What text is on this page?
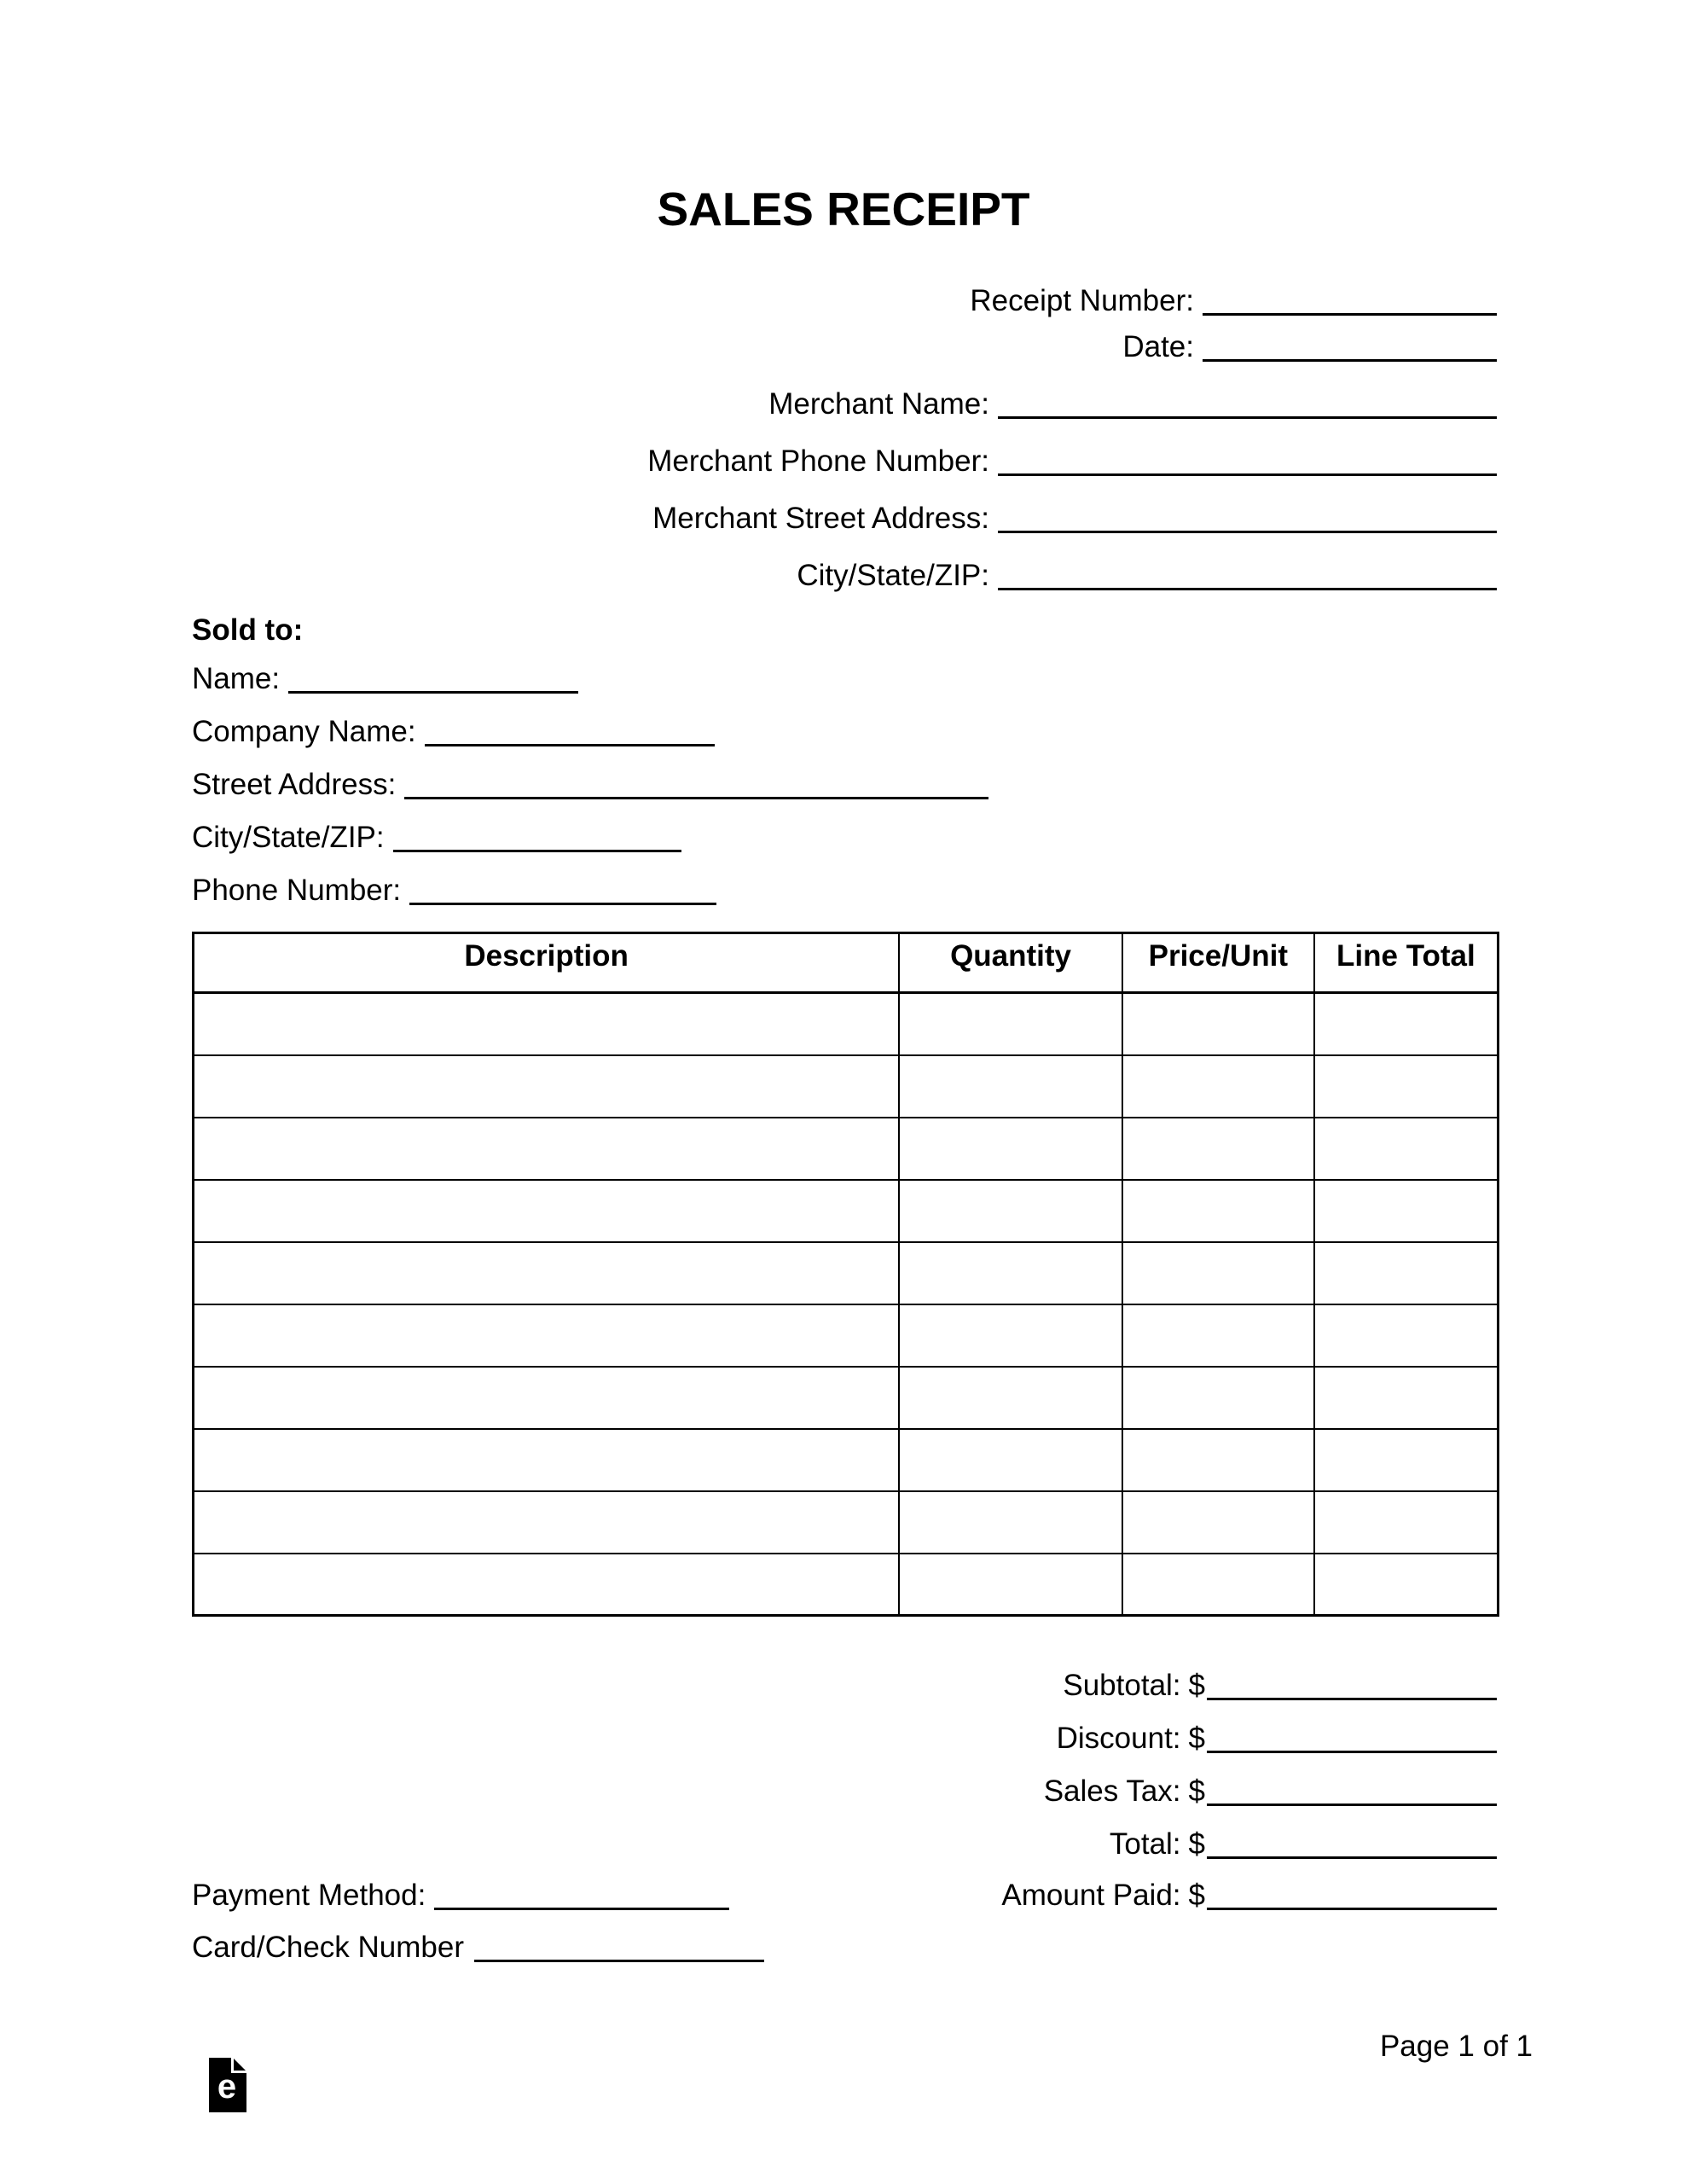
SALES RECEIPT
Receipt Number:
Date:
Merchant Name:
Merchant Phone Number:
Merchant Street Address:
City/State/ZIP:
Sold to:
Name:
Company Name:
Street Address:
City/State/ZIP:
Phone Number:
Description	Quantity	Price/Unit	Line Total

Subtotal: $
Discount: $
Sales Tax: $
Total: $
Payment Method:	Amount Paid: $
Card/Check Number
Page 1 of 1
e
